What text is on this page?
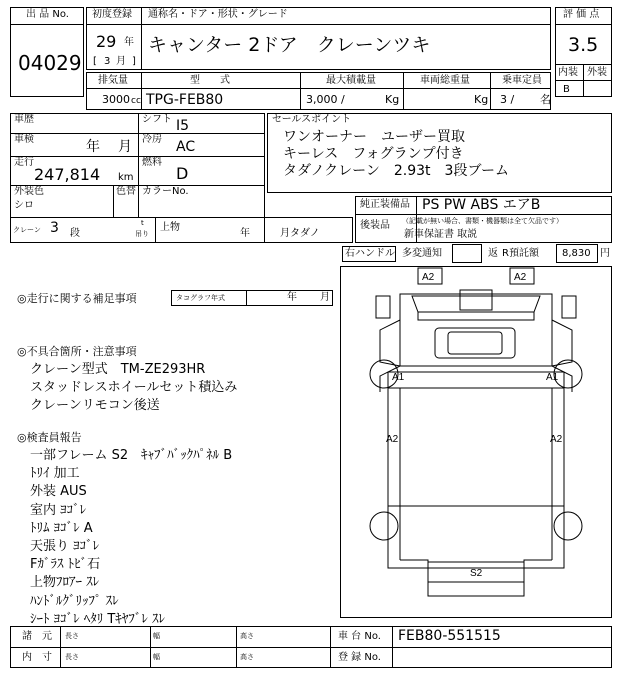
出 品 No.
04029
初度登録 通称名・ドア・形状・グレード
29 年
[ 3 月 ]
キャンター 2ドア　クレーンツキ
評 価 点
3.5
内装 外装
B
排気量	型　　式	最大積載量	車両総重量	乗車定員
3000 cc TPG-FEB80	3,000 /	Kg	Kg 3 / 名
車歴	シフト I5
車検	年 月 冷房 AC
走行
247,814 km
燃料
D
外装色
シロ
色替 カラーNo.
クレーン 3 段
t
吊り
上物
年	月 タダノ
セールスポイント
ワンオーナー　ユーザー買取
キーレス　フォグランプ付き
タダノクレーン　2.93t　3段ブーム
純正装備品 PS PW ABS エアB
後装品 （記載が無い場合、書類・機器類は全て欠品です）
新車保証書 取説
右ハンドル 多変通知	返 R預託額 8,830 円
◎走行に関する補足事項	タコグラフ年式	年 月
◎不具合箇所・注意事項
クレーン型式　TM-ZE293HR
スタッドレスホイールセット積込み
クレーンリモコン後送
◎検査員報告
一部フレーム S2　ｷｬﾌﾞﾊﾞｯｸﾊﾟﾈﾙ B
ﾄﾘｲ 加工
外装 AUS
室内 ﾖｺﾞﾚ
ﾄﾘﾑ ﾖｺﾞﾚ A
天張り ﾖｺﾞﾚ
Fｶﾞﾗｽ ﾄﾋﾞ石
上物ﾌﾛｱｰ ｽﾚ
ﾊﾝﾄﾞﾙｸﾞﾘｯﾌﾟ ｽﾚ
ｼｰﾄ ﾖｺﾞﾚ ﾍﾀﾘ Tｷﾔﾌﾞﾚ ｽﾚ
A2	A2
A1	A1
A2	A2
S2
諸　元
内　寸
長さ	幅	高さ
長さ	幅	高さ
車 台 No. FEB80-551515
登 録 No.
